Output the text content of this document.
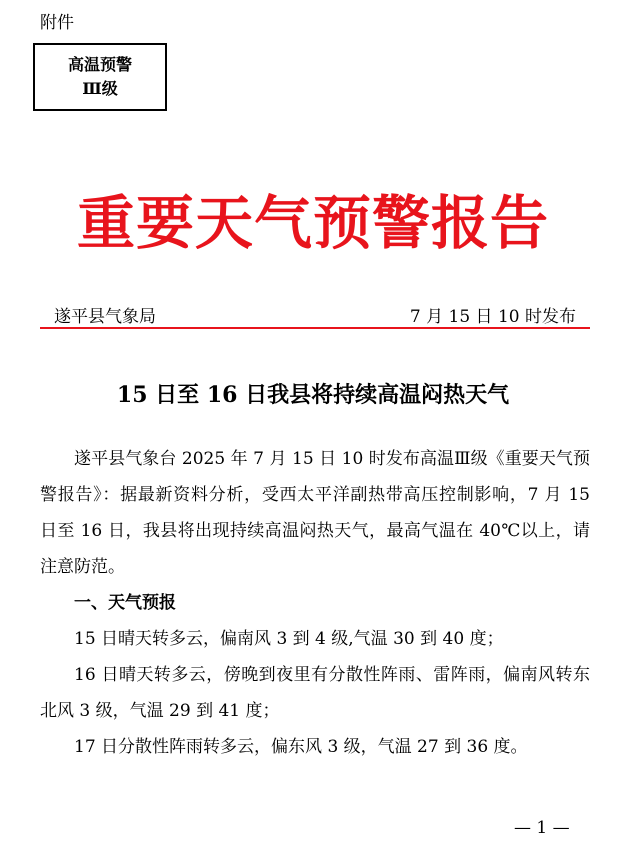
附件
高温预警
Ⅲ级
重要天气预警报告
遂平县气象局	7 月 15 日 10 时发布
15 日至 16 日我县将持续高温闷热天气

遂平县气象台 2025 年 7 月 15 日 10 时发布高温Ⅲ级《重要天气预警报告》：据最新资料分析，受西太平洋副热带高压控制影响，7 月 15 日至 16 日，我县将出现持续高温闷热天气，最高气温在 40℃以上，请注意防范。

一、天气预报

15 日晴天转多云，偏南风 3 到 4 级,气温 30 到 40 度；

16 日晴天转多云，傍晚到夜里有分散性阵雨、雷阵雨，偏南风转东北风 3 级，气温 29 到 41 度；

17 日分散性阵雨转多云，偏东风 3 级，气温 27 到 36 度。

— 1 —
